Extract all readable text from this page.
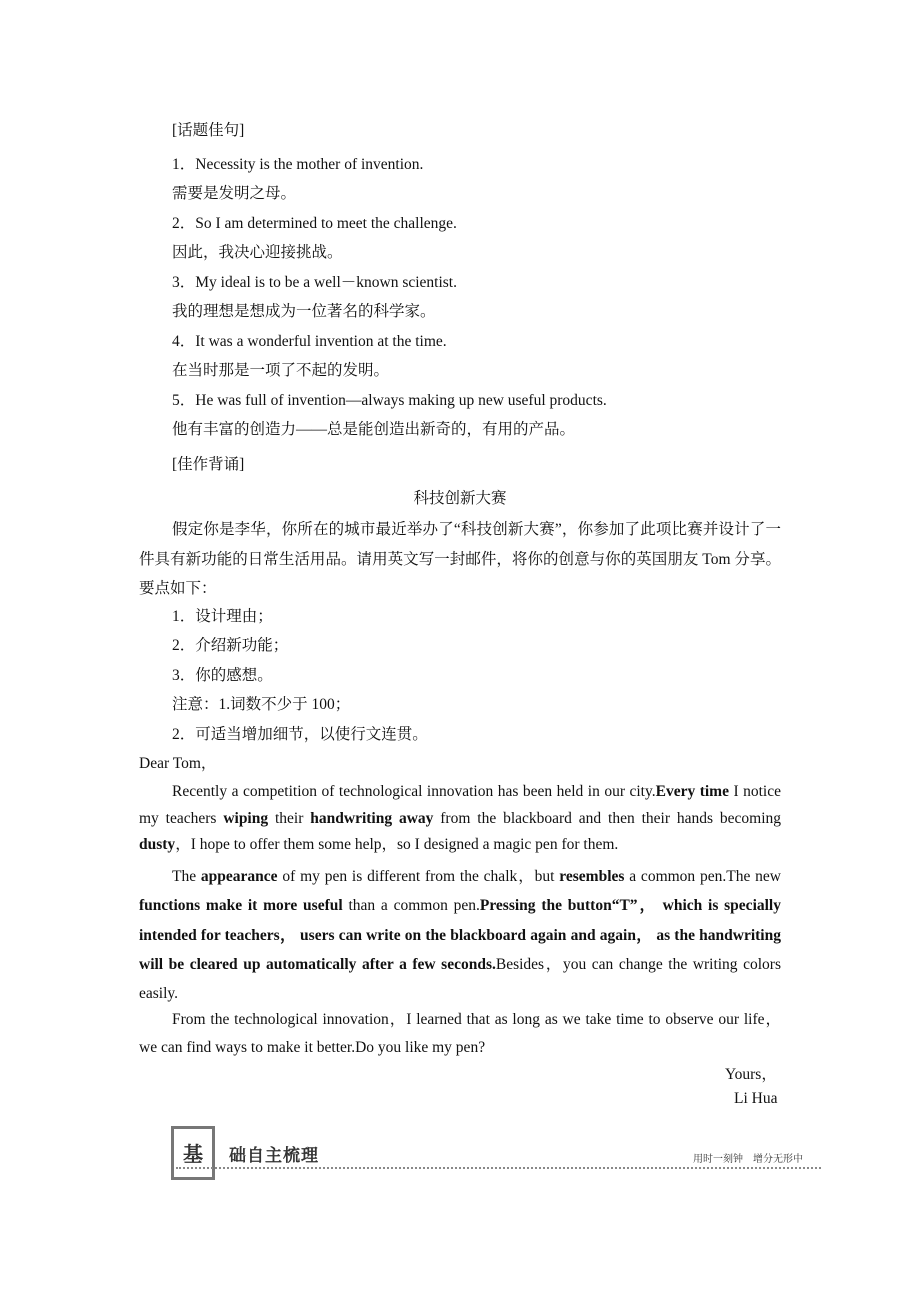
[话题佳句]
1．Necessity is the mother of invention.
需要是发明之母。
2．So I am determined to meet the challenge.
因此，我决心迎接挑战。
3．My ideal is to be a well－known scientist.
我的理想是想成为一位著名的科学家。
4．It was a wonderful invention at the time.
在当时那是一项了不起的发明。
5．He was full of invention—always making up new useful products.
他有丰富的创造力——总是能创造出新奇的，有用的产品。
[佳作背诵]
科技创新大赛
假定你是李华，你所在的城市最近举办了“科技创新大赛”，你参加了此项比赛并设计了一件具有新功能的日常生活用品。请用英文写一封邮件，将你的创意与你的英国朋友 Tom 分享。要点如下：
1．设计理由；
2．介绍新功能；
3．你的感想。
注意：1.词数不少于 100；
2．可适当增加细节，以使行文连贯。
Dear Tom，
Recently a competition of technological innovation has been held in our city.Every time I notice my teachers wiping their handwriting away from the blackboard and then their hands becoming dusty，I hope to offer them some help，so I designed a magic pen for them.
The appearance of my pen is different from the chalk，but resembles a common pen.The new functions make it more useful than a common pen.Pressing the button“T”， which is specially intended for teachers， users can write on the blackboard again and again， as the handwriting will be cleared up automatically after a few seconds.Besides，you can change the writing colors easily.
From the technological innovation，I learned that as long as we take time to observe our life，we can find ways to make it better.Do you like my pen?
Yours，
Li Hua
基 础自主梳理	用时一刻钟　增分无形中
